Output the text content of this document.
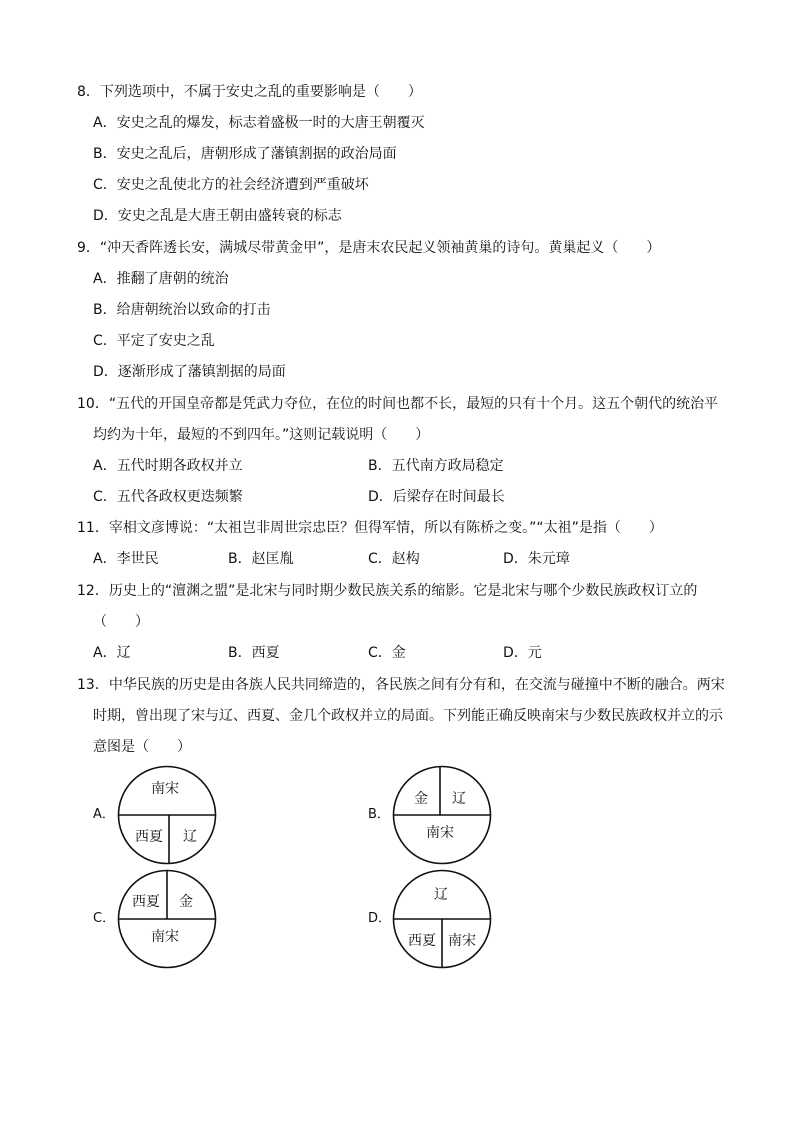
8．下列选项中，不属于安史之乱的重要影响是（　　）
A．安史之乱的爆发，标志着盛极一时的大唐王朝覆灭
B．安史之乱后，唐朝形成了藩镇割据的政治局面
C．安史之乱使北方的社会经济遭到严重破坏
D．安史之乱是大唐王朝由盛转衰的标志
9．“冲天香阵透长安，满城尽带黄金甲”，是唐末农民起义领袖黄巢的诗句。黄巢起义（　　）
A．推翻了唐朝的统治
B．给唐朝统治以致命的打击
C．平定了安史之乱
D．逐渐形成了藩镇割据的局面
10．“五代的开国皇帝都是凭武力夺位，在位的时间也都不长，最短的只有十个月。这五个朝代的统治平
均约为十年，最短的不到四年。”这则记载说明（　　）
A．五代时期各政权并立	B．五代南方政局稳定
C．五代各政权更迭频繁	D．后梁存在时间最长
11．宰相文彦博说：“太祖岂非周世宗忠臣？但得军情，所以有陈桥之变。”“太祖”是指（　　）
A．李世民	B．赵匡胤	C．赵构	D．朱元璋
12．历史上的“澶渊之盟”是北宋与同时期少数民族关系的缩影。它是北宋与哪个少数民族政权订立的
（　　）
A．辽	B．西夏	C．金	D．元
13．中华民族的历史是由各族人民共同缔造的，各民族之间有分有和，在交流与碰撞中不断的融合。两宋
时期，曾出现了宋与辽、西夏、金几个政权并立的局面。下列能正确反映南宋与少数民族政权并立的示
意图是（　　）
A．
南宋
西夏 辽
B．
金 辽
南宋
C．
西夏 金
南宋
D．
辽
西夏 南宋
